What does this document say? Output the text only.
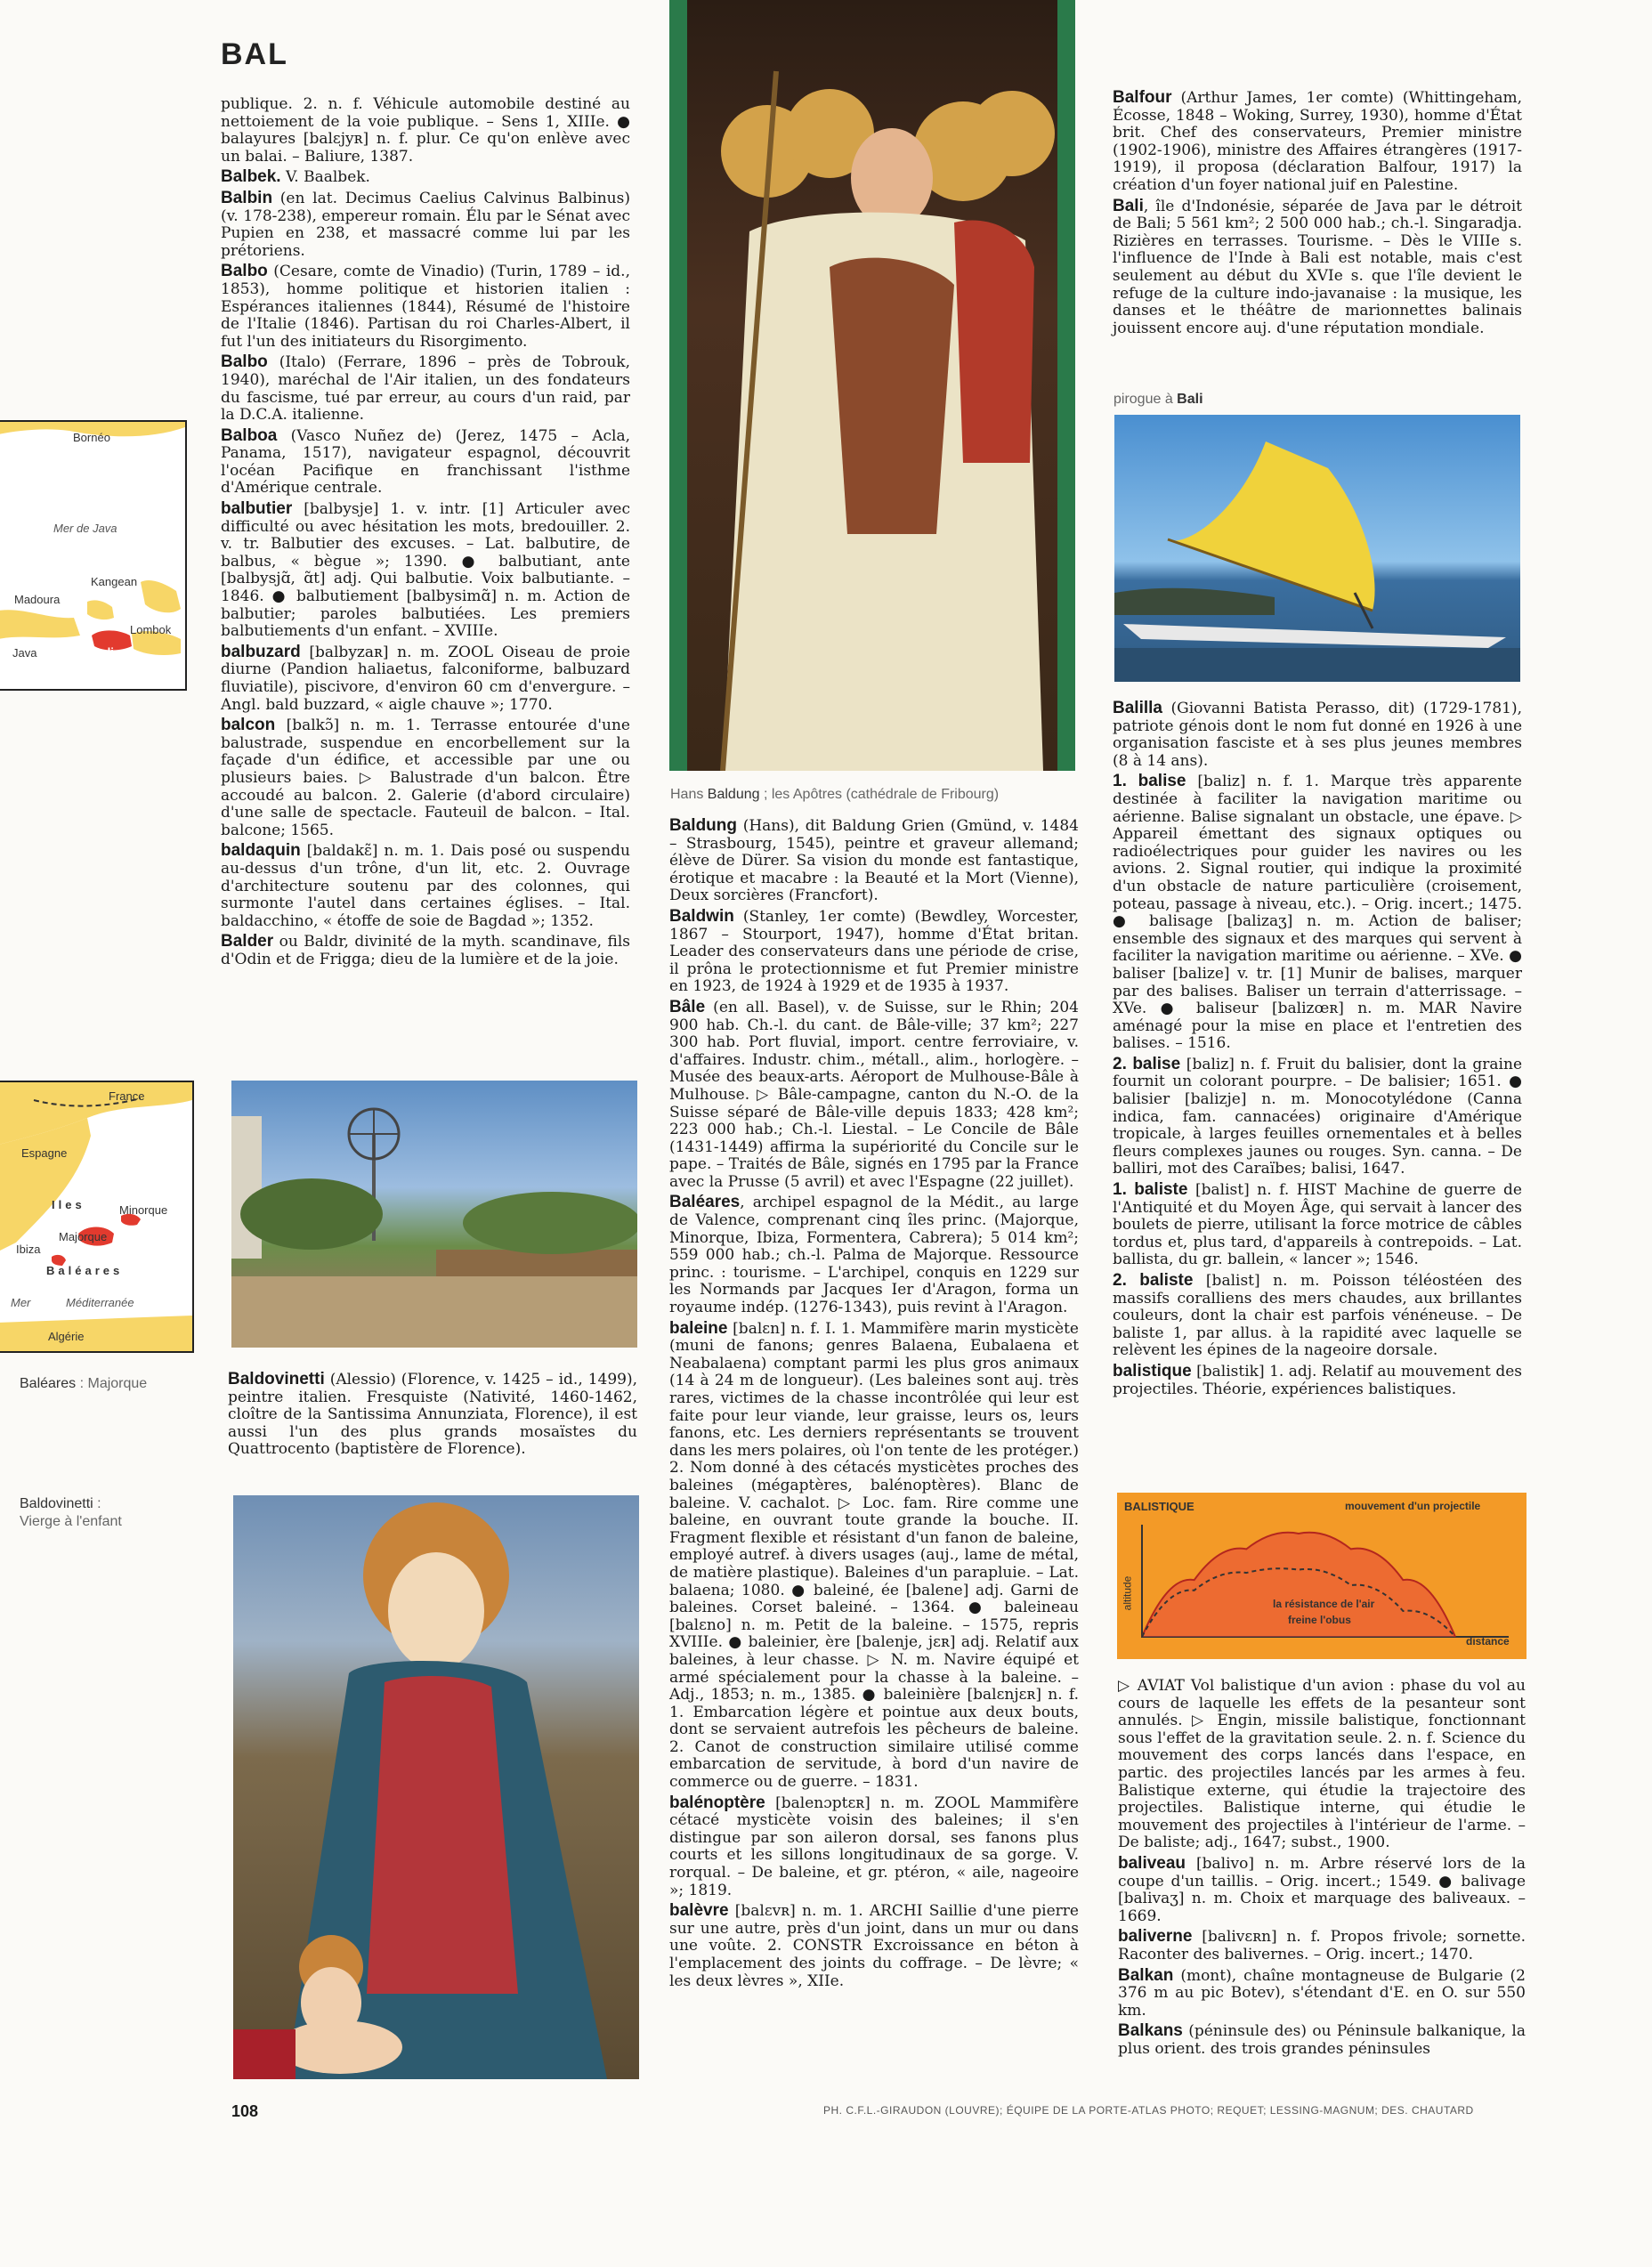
BAL

publique. 2. n. f. Véhicule automobile destiné au nettoiement de la voie publique. – Sens 1, XIIIe. ● balayures [balɛjyʀ] n. f. plur. Ce qu'on enlève avec un balai. – Baliure, 1387.

Balbek. V. Baalbek.

Balbin (en lat. Decimus Caelius Calvinus Balbinus) (v. 178-238), empereur romain. Élu par le Sénat avec Pupien en 238, et massacré comme lui par les prétoriens.

Balbo (Cesare, comte de Vinadio) (Turin, 1789 – id., 1853), homme politique et historien italien : Espérances italiennes (1844), Résumé de l'histoire de l'Italie (1846). Partisan du roi Charles-Albert, il fut l'un des initiateurs du Risorgimento.

Balbo (Italo) (Ferrare, 1896 – près de Tobrouk, 1940), maréchal de l'Air italien, un des fondateurs du fascisme, tué par erreur, au cours d'un raid, par la D.C.A. italienne.

Balboa (Vasco Nuñez de) (Jerez, 1475 – Acla, Panama, 1517), navigateur espagnol, découvrit l'océan Pacifique en franchissant l'isthme d'Amérique centrale.

balbutier [balbysje] 1. v. intr. [1] Articuler avec difficulté ou avec hésitation les mots, bredouiller. 2. v. tr. Balbutier des excuses. – Lat. balbutire, de balbus, « bègue »; 1390. ● balbutiant, ante [balbysjɑ̃, ɑ̃t] adj. Qui balbutie. Voix balbutiante. – 1846. ● balbutiement [balbysimɑ̃] n. m. Action de balbutier; paroles balbutiées. Les premiers balbutiements d'un enfant. – XVIIIe.

balbuzard [balbyzaʀ] n. m. ZOOL Oiseau de proie diurne (Pandion haliaetus, falconiforme, balbuzard fluviatile), piscivore, d'environ 60 cm d'envergure. – Angl. bald buzzard, « aigle chauve »; 1770.

balcon [balkɔ̃] n. m. 1. Terrasse entourée d'une balustrade, suspendue en encorbellement sur la façade d'un édifice, et accessible par une ou plusieurs baies. ▷ Balustrade d'un balcon. Être accoudé au balcon. 2. Galerie (d'abord circulaire) d'une salle de spectacle. Fauteuil de balcon. – Ital. balcone; 1565.

baldaquin [baldakɛ̃] n. m. 1. Dais posé ou suspendu au-dessus d'un trône, d'un lit, etc. 2. Ouvrage d'architecture soutenu par des colonnes, qui surmonte l'autel dans certaines églises. – Ital. baldacchino, « étoffe de soie de Bagdad »; 1352.

Balder ou Baldr, divinité de la myth. scandinave, fils d'Odin et de Frigga; dieu de la lumière et de la joie.

Bornéo
Mer de Java
Kangean
Madoura
Lombok
Java	Bali
France
Espagne
Iles	Minorque
Majorque
Ibiza
Baléares
Mer	Méditerranée
Algérie
Baléares : Majorque
Baldovinetti :
Vierge à l'enfant

Baldovinetti (Alessio) (Florence, v. 1425 – id., 1499), peintre italien. Fresquiste (Nativité, 1460-1462, cloître de la Santissima Annunziata, Florence), il est aussi l'un des plus grands mosaïstes du Quattrocento (baptistère de Florence).

Hans Baldung ; les Apôtres (cathédrale de Fribourg)

Baldung (Hans), dit Baldung Grien (Gmünd, v. 1484 – Strasbourg, 1545), peintre et graveur allemand; élève de Dürer. Sa vision du monde est fantastique, érotique et macabre : la Beauté et la Mort (Vienne), Deux sorcières (Francfort).

Baldwin (Stanley, 1er comte) (Bewdley, Worcester, 1867 – Stourport, 1947), homme d'État britan. Leader des conservateurs dans une période de crise, il prôna le protectionnisme et fut Premier ministre en 1923, de 1924 à 1929 et de 1935 à 1937.

Bâle (en all. Basel), v. de Suisse, sur le Rhin; 204 900 hab. Ch.-l. du cant. de Bâle-ville; 37 km²; 227 300 hab. Port fluvial, import. centre ferroviaire, v. d'affaires. Industr. chim., métall., alim., horlogère. – Musée des beaux-arts. Aéroport de Mulhouse-Bâle à Mulhouse. ▷ Bâle-campagne, canton du N.-O. de la Suisse séparé de Bâle-ville depuis 1833; 428 km²; 223 000 hab.; Ch.-l. Liestal. – Le Concile de Bâle (1431-1449) affirma la supériorité du Concile sur le pape. – Traités de Bâle, signés en 1795 par la France avec la Prusse (5 avril) et avec l'Espagne (22 juillet).

Baléares, archipel espagnol de la Médit., au large de Valence, comprenant cinq îles princ. (Majorque, Minorque, Ibiza, Formentera, Cabrera); 5 014 km²; 559 000 hab.; ch.-l. Palma de Majorque. Ressource princ. : tourisme. – L'archipel, conquis en 1229 sur les Normands par Jacques Ier d'Aragon, forma un royaume indép. (1276-1343), puis revint à l'Aragon.

baleine [balɛn] n. f. I. 1. Mammifère marin mysticète (muni de fanons; genres Balaena, Eubalaena et Neabalaena) comptant parmi les plus gros animaux (14 à 24 m de longueur). (Les baleines sont auj. très rares, victimes de la chasse incontrôlée qui leur est faite pour leur viande, leur graisse, leurs os, leurs fanons, etc. Les derniers représentants se trouvent dans les mers polaires, où l'on tente de les protéger.) 2. Nom donné à des cétacés mysticètes proches des baleines (mégaptères, balénoptères). Blanc de baleine. V. cachalot. ▷ Loc. fam. Rire comme une baleine, en ouvrant toute grande la bouche. II. Fragment flexible et résistant d'un fanon de baleine, employé autref. à divers usages (auj., lame de métal, de matière plastique). Baleines d'un parapluie. – Lat. balaena; 1080. ● baleiné, ée [balene] adj. Garni de baleines. Corset baleiné. – 1364. ● baleineau [balɛno] n. m. Petit de la baleine. – 1575, repris XVIIIe. ● baleinier, ère [balenje, jɛʀ] adj. Relatif aux baleines, à leur chasse. ▷ N. m. Navire équipé et armé spécialement pour la chasse à la baleine. – Adj., 1853; n. m., 1385. ● baleinière [balɛnjɛʀ] n. f. 1. Embarcation légère et pointue aux deux bouts, dont se servaient autrefois les pêcheurs de baleine. 2. Canot de construction similaire utilisé comme embarcation de servitude, à bord d'un navire de commerce ou de guerre. – 1831.

balénoptère [balenɔptɛʀ] n. m. ZOOL Mammifère cétacé mysticète voisin des baleines; il s'en distingue par son aileron dorsal, ses fanons plus courts et les sillons longitudinaux de sa gorge. V. rorqual. – De baleine, et gr. ptéron, « aile, nageoire »; 1819.

balèvre [balɛvʀ] n. m. 1. ARCHI Saillie d'une pierre sur une autre, près d'un joint, dans un mur ou dans une voûte. 2. CONSTR Excroissance en béton à l'emplacement des joints du coffrage. – De lèvre; « les deux lèvres », XIIe.

Balfour (Arthur James, 1er comte) (Whittingeham, Écosse, 1848 – Woking, Surrey, 1930), homme d'État brit. Chef des conservateurs, Premier ministre (1902-1906), ministre des Affaires étrangères (1917-1919), il proposa (déclaration Balfour, 1917) la création d'un foyer national juif en Palestine.

Bali, île d'Indonésie, séparée de Java par le détroit de Bali; 5 561 km²; 2 500 000 hab.; ch.-l. Singaradja. Rizières en terrasses. Tourisme. – Dès le VIIIe s. l'influence de l'Inde à Bali est notable, mais c'est seulement au début du XVIe s. que l'île devient le refuge de la culture indo-javanaise : la musique, les danses et le théâtre de marionnettes balinais jouissent encore auj. d'une réputation mondiale.

pirogue à Bali

Balilla (Giovanni Batista Perasso, dit) (1729-1781), patriote génois dont le nom fut donné en 1926 à une organisation fasciste et à ses plus jeunes membres (8 à 14 ans).

1. balise [baliz] n. f. 1. Marque très apparente destinée à faciliter la navigation maritime ou aérienne. Balise signalant un obstacle, une épave. ▷ Appareil émettant des signaux optiques ou radioélectriques pour guider les navires ou les avions. 2. Signal routier, qui indique la proximité d'un obstacle de nature particulière (croisement, poteau, passage à niveau, etc.). – Orig. incert.; 1475. ● balisage [balizaʒ] n. m. Action de baliser; ensemble des signaux et des marques qui servent à faciliter la navigation maritime ou aérienne. – XVe. ● baliser [balize] v. tr. [1] Munir de balises, marquer par des balises. Baliser un terrain d'atterrissage. – XVe. ● baliseur [balizœʀ] n. m. MAR Navire aménagé pour la mise en place et l'entretien des balises. – 1516.

2. balise [baliz] n. f. Fruit du balisier, dont la graine fournit un colorant pourpre. – De balisier; 1651. ● balisier [balizje] n. m. Monocotylédone (Canna indica, fam. cannacées) originaire d'Amérique tropicale, à larges feuilles ornementales et à belles fleurs complexes jaunes ou rouges. Syn. canna. – De balliri, mot des Caraïbes; balisi, 1647.

1. baliste [balist] n. f. HIST Machine de guerre de l'Antiquité et du Moyen Âge, qui servait à lancer des boulets de pierre, utilisant la force motrice de câbles tordus et, plus tard, d'appareils à contrepoids. – Lat. ballista, du gr. ballein, « lancer »; 1546.

2. baliste [balist] n. m. Poisson téléostéen des massifs coralliens des mers chaudes, aux brillantes couleurs, dont la chair est parfois vénéneuse. – De baliste 1, par allus. à la rapidité avec laquelle se relèvent les épines de la nageoire dorsale.

balistique [balistik] 1. adj. Relatif au mouvement des projectiles. Théorie, expériences balistiques.

BALISTIQUE	mouvement d'un projectile
altitude
distance
la résistance de l'air
freine l'obus

▷ AVIAT Vol balistique d'un avion : phase du vol au cours de laquelle les effets de la pesanteur sont annulés. ▷ Engin, missile balistique, fonctionnant sous l'effet de la gravitation seule. 2. n. f. Science du mouvement des corps lancés dans l'espace, en partic. des projectiles lancés par les armes à feu. Balistique externe, qui étudie la trajectoire des projectiles. Balistique interne, qui étudie le mouvement des projectiles à l'intérieur de l'arme. – De baliste; adj., 1647; subst., 1900.

baliveau [balivo] n. m. Arbre réservé lors de la coupe d'un taillis. – Orig. incert.; 1549. ● balivage [balivaʒ] n. m. Choix et marquage des baliveaux. – 1669.

baliverne [balivɛʀn] n. f. Propos frivole; sornette. Raconter des balivernes. – Orig. incert.; 1470.

Balkan (mont), chaîne montagneuse de Bulgarie (2 376 m au pic Botev), s'étendant d'E. en O. sur 550 km.

Balkans (péninsule des) ou Péninsule balkanique, la plus orient. des trois grandes péninsules

108	PH. C.F.L.-GIRAUDON (LOUVRE); ÉQUIPE DE LA PORTE-ATLAS PHOTO; REQUET; LESSING-MAGNUM; DES. CHAUTARD
